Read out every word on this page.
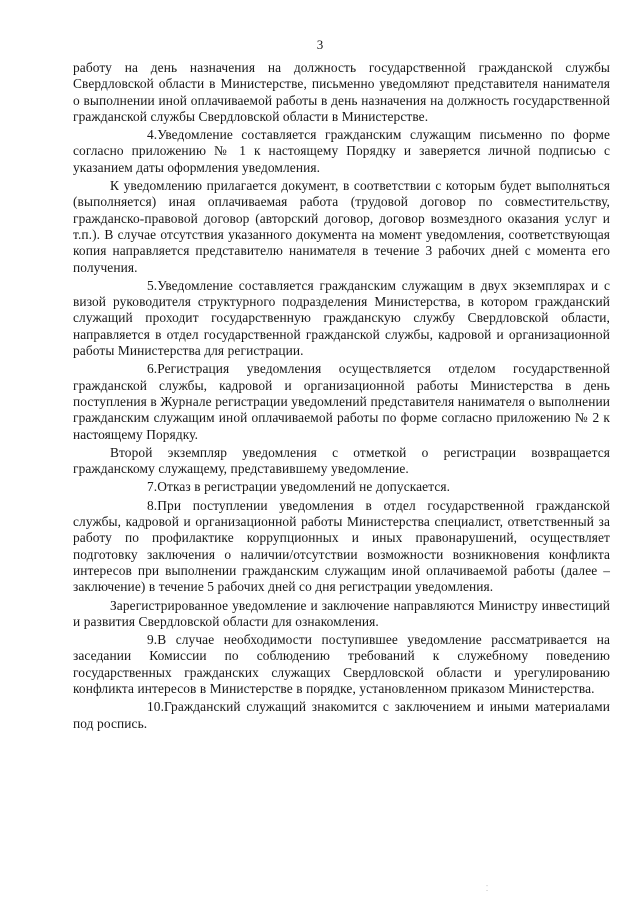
3

работу на день назначения на должность государственной гражданской службы Свердловской области в Министерстве, письменно уведомляют представителя нанимателя о выполнении иной оплачиваемой работы в день назначения на должность государственной гражданской службы Свердловской области в Министерстве.

4.Уведомление составляется гражданским служащим письменно по форме согласно приложению № 1 к настоящему Порядку и заверяется личной подписью с указанием даты оформления уведомления.

К уведомлению прилагается документ, в соответствии с которым будет выполняться (выполняется) иная оплачиваемая работа (трудовой договор по совместительству, гражданско-правовой договор (авторский договор, договор возмездного оказания услуг и т.п.). В случае отсутствия указанного документа на момент уведомления, соответствующая копия направляется представителю нанимателя в течение 3 рабочих дней с момента его получения.

5.Уведомление составляется гражданским служащим в двух экземплярах и с визой руководителя структурного подразделения Министерства, в котором гражданский служащий проходит государственную гражданскую службу Свердловской области, направляется в отдел государственной гражданской службы, кадровой и организационной работы Министерства для регистрации.

6.Регистрация уведомления осуществляется отделом государственной гражданской службы, кадровой и организационной работы Министерства в день поступления в Журнале регистрации уведомлений представителя нанимателя о выполнении гражданским служащим иной оплачиваемой работы по форме согласно приложению № 2 к настоящему Порядку.

Второй экземпляр уведомления с отметкой о регистрации возвращается гражданскому служащему, представившему уведомление.

7.Отказ в регистрации уведомлений не допускается.

8.При поступлении уведомления в отдел государственной гражданской службы, кадровой и организационной работы Министерства специалист, ответственный за работу по профилактике коррупционных и иных правонарушений, осуществляет подготовку заключения о наличии/отсутствии возможности возникновения конфликта интересов при выполнении гражданским служащим иной оплачиваемой работы (далее – заключение) в течение 5 рабочих дней со дня регистрации уведомления.

Зарегистрированное уведомление и заключение направляются Министру инвестиций и развития Свердловской области для ознакомления.

9.В случае необходимости поступившее уведомление рассматривается на заседании Комиссии по соблюдению требований к служебному поведению государственных гражданских служащих Свердловской области и урегулированию конфликта интересов в Министерстве в порядке, установленном приказом Министерства.

10.Гражданский служащий знакомится с заключением и иными материалами под роспись.

⁚
